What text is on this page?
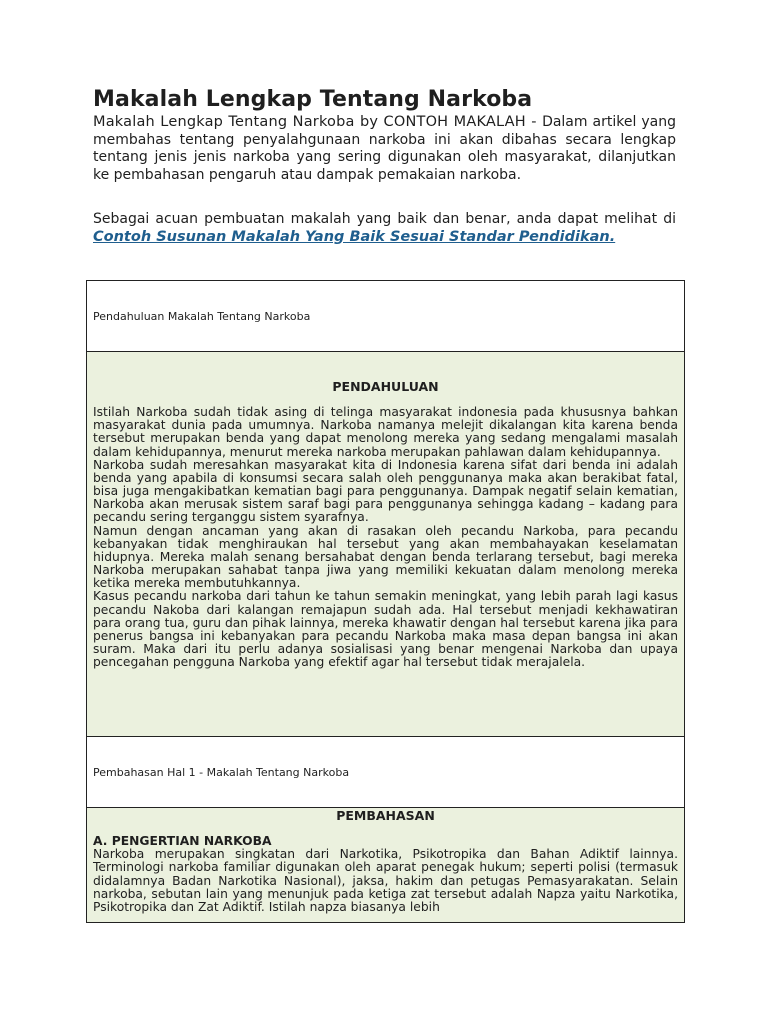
Makalah Lengkap Tentang Narkoba
Makalah Lengkap Tentang Narkoba by CONTOH MAKALAH - Dalam artikel yang membahas tentang penyalahgunaan narkoba ini akan dibahas secara lengkap tentang jenis jenis narkoba yang sering digunakan oleh masyarakat, dilanjutkan ke pembahasan pengaruh atau dampak pemakaian narkoba.
Sebagai acuan pembuatan makalah yang baik dan benar, anda dapat melihat di Contoh Susunan Makalah Yang Baik Sesuai Standar Pendidikan.
Pendahuluan Makalah Tentang Narkoba
PENDAHULUAN
Istilah Narkoba sudah tidak asing di telinga masyarakat indonesia pada khususnya bahkan masyarakat dunia pada umumnya. Narkoba namanya melejit dikalangan kita karena benda tersebut merupakan benda yang dapat menolong mereka yang sedang mengalami masalah dalam kehidupannya, menurut mereka narkoba merupakan pahlawan dalam kehidupannya.
Narkoba sudah meresahkan masyarakat kita di Indonesia karena sifat dari benda ini adalah benda yang apabila di konsumsi secara salah oleh penggunanya maka akan berakibat fatal, bisa juga mengakibatkan kematian bagi para penggunanya. Dampak negatif selain kematian, Narkoba akan merusak sistem saraf bagi para penggunanya sehingga kadang – kadang para pecandu sering terganggu sistem syarafnya.
Namun dengan ancaman yang akan di rasakan oleh pecandu Narkoba, para pecandu kebanyakan tidak menghiraukan hal tersebut yang akan membahayakan keselamatan hidupnya. Mereka malah senang bersahabat dengan benda terlarang tersebut, bagi mereka Narkoba merupakan sahabat tanpa jiwa yang memiliki kekuatan dalam menolong mereka ketika mereka membutuhkannya.
Kasus pecandu narkoba dari tahun ke tahun semakin meningkat, yang lebih parah lagi kasus pecandu Nakoba dari kalangan remajapun sudah ada. Hal tersebut menjadi kekhawatiran para orang tua, guru dan pihak lainnya, mereka khawatir dengan hal tersebut karena jika para penerus bangsa ini kebanyakan para pecandu Narkoba maka masa depan bangsa ini akan suram. Maka dari itu perlu adanya sosialisasi yang benar mengenai Narkoba dan upaya pencegahan pengguna Narkoba yang efektif agar hal tersebut tidak merajalela.
Pembahasan Hal 1 - Makalah Tentang Narkoba
PEMBAHASAN
A. PENGERTIAN NARKOBA
Narkoba merupakan singkatan dari Narkotika, Psikotropika dan Bahan Adiktif lainnya. Terminologi narkoba familiar digunakan oleh aparat penegak hukum; seperti polisi (termasuk didalamnya Badan Narkotika Nasional), jaksa, hakim dan petugas Pemasyarakatan. Selain narkoba, sebutan lain yang menunjuk pada ketiga zat tersebut adalah Napza yaitu Narkotika, Psikotropika dan Zat Adiktif. Istilah napza biasanya lebih
